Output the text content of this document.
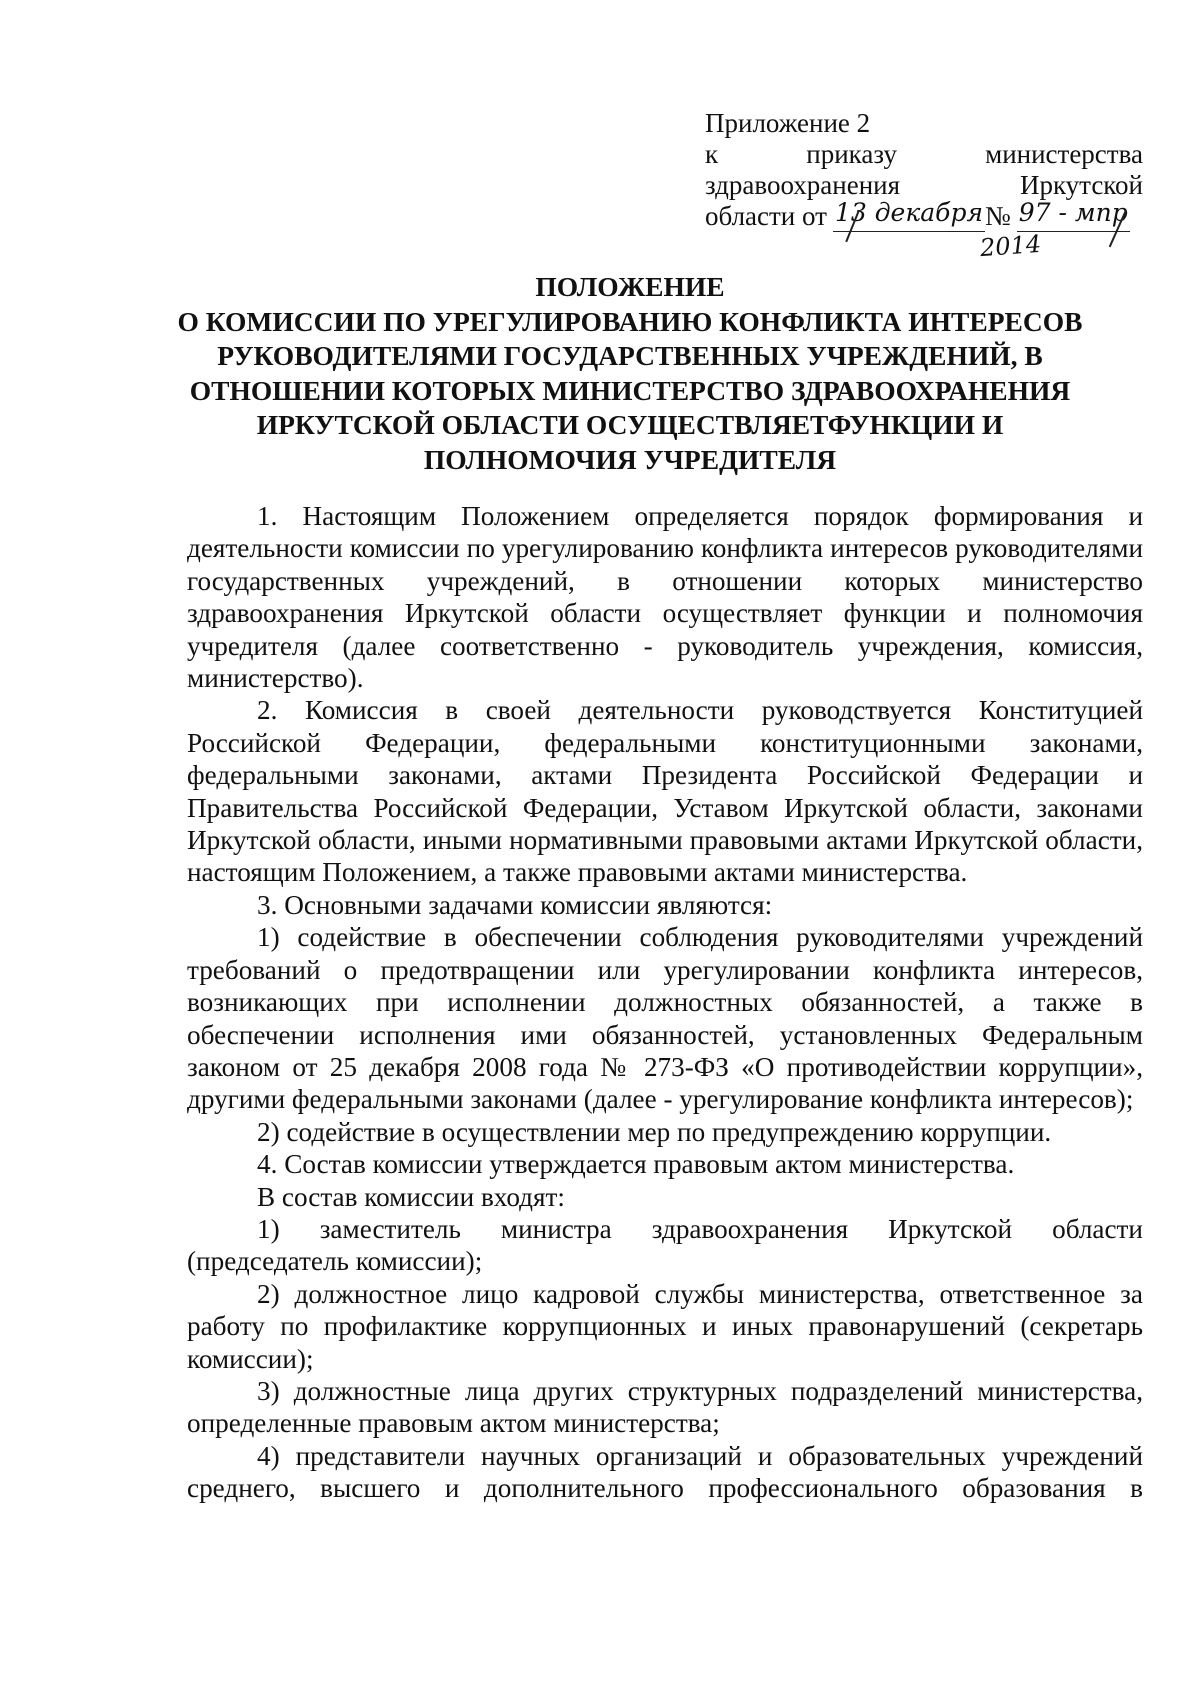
Приложение 2
к	приказу	министерства
здравоохранения	Иркутской
области от 13 декабря № 97 - мпр
2014
ПОЛОЖЕНИЕ
О КОМИССИИ ПО УРЕГУЛИРОВАНИЮ КОНФЛИКТА ИНТЕРЕСОВ
РУКОВОДИТЕЛЯМИ ГОСУДАРСТВЕННЫХ УЧРЕЖДЕНИЙ, В
ОТНОШЕНИИ КОТОРЫХ МИНИСТЕРСТВО ЗДРАВООХРАНЕНИЯ
ИРКУТСКОЙ ОБЛАСТИ ОСУЩЕСТВЛЯЕТФУНКЦИИ И
ПОЛНОМОЧИЯ УЧРЕДИТЕЛЯ

1. Настоящим Положением определяется порядок формирования и деятельности комиссии по урегулированию конфликта интересов руководителями государственных учреждений, в отношении которых министерство здравоохранения Иркутской области осуществляет функции и полномочия учредителя (далее соответственно - руководитель учреждения, комиссия, министерство).

2. Комиссия в своей деятельности руководствуется Конституцией Российской Федерации, федеральными конституционными законами, федеральными законами, актами Президента Российской Федерации и Правительства Российской Федерации, Уставом Иркутской области, законами Иркутской области, иными нормативными правовыми актами Иркутской области, настоящим Положением, а также правовыми актами министерства.

3. Основными задачами комиссии являются:

1) содействие в обеспечении соблюдения руководителями учреждений требований о предотвращении или урегулировании конфликта интересов, возникающих при исполнении должностных обязанностей, а также в обеспечении исполнения ими обязанностей, установленных Федеральным законом от 25 декабря 2008 года № 273-ФЗ «О противодействии коррупции», другими федеральными законами (далее - урегулирование конфликта интересов);

2) содействие в осуществлении мер по предупреждению коррупции.

4. Состав комиссии утверждается правовым актом министерства.

В состав комиссии входят:

1) заместитель министра здравоохранения Иркутской области (председатель комиссии);

2) должностное лицо кадровой службы министерства, ответственное за работу по профилактике коррупционных и иных правонарушений (секретарь комиссии);

3) должностные лица других структурных подразделений министерства, определенные правовым актом министерства;

4) представители научных организаций и образовательных учреждений среднего, высшего и дополнительного профессионального образования в
